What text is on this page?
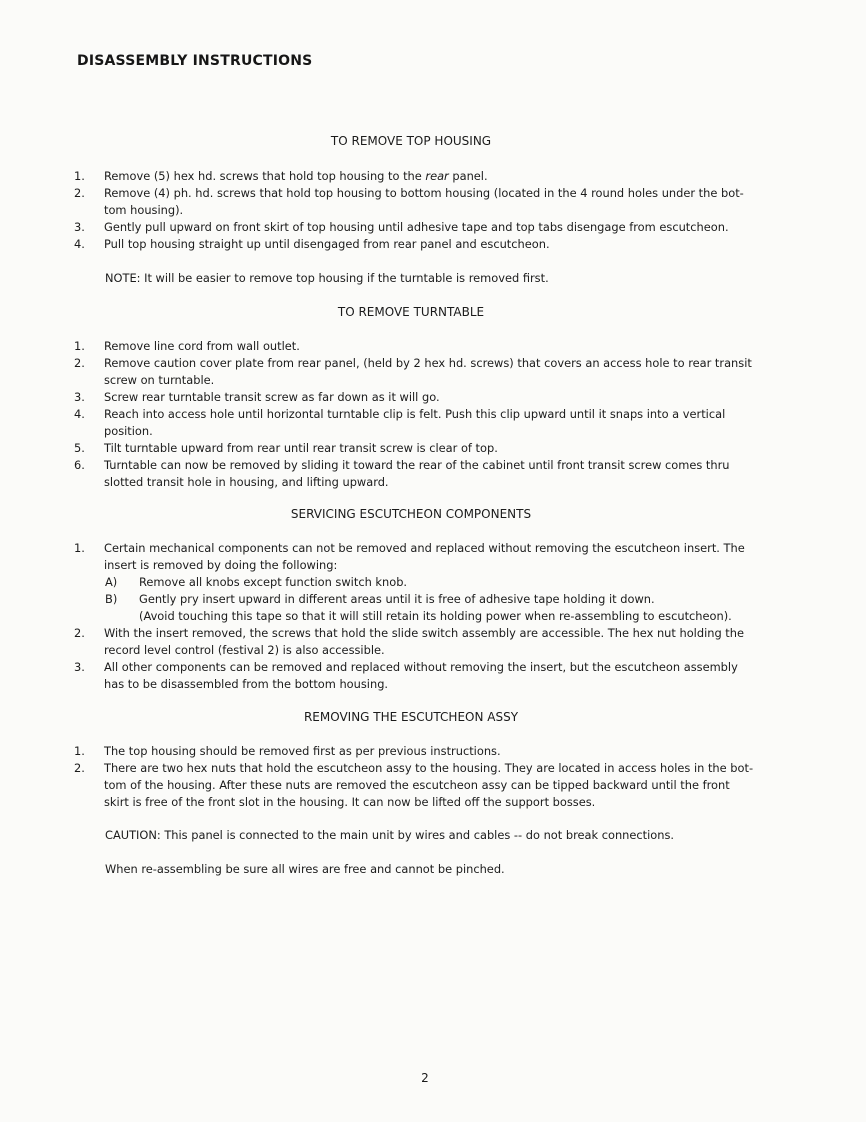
DISASSEMBLY INSTRUCTIONS
TO REMOVE TOP HOUSING
1. Remove (5) hex hd. screws that hold top housing to the rear panel.
2. Remove (4) ph. hd. screws that hold top housing to bottom housing (located in the 4 round holes under the bot-tom housing).
3. Gently pull upward on front skirt of top housing until adhesive tape and top tabs disengage from escutcheon.
4. Pull top housing straight up until disengaged from rear panel and escutcheon.
NOTE: It will be easier to remove top housing if the turntable is removed first.
TO REMOVE TURNTABLE
1. Remove line cord from wall outlet.
2. Remove caution cover plate from rear panel, (held by 2 hex hd. screws) that covers an access hole to rear transit screw on turntable.
3. Screw rear turntable transit screw as far down as it will go.
4. Reach into access hole until horizontal turntable clip is felt. Push this clip upward until it snaps into a vertical position.
5. Tilt turntable upward from rear until rear transit screw is clear of top.
6. Turntable can now be removed by sliding it toward the rear of the cabinet until front transit screw comes thru slotted transit hole in housing, and lifting upward.
SERVICING ESCUTCHEON COMPONENTS
1. Certain mechanical components can not be removed and replaced without removing the escutcheon insert. The insert is removed by doing the following:
A) Remove all knobs except function switch knob.
B) Gently pry insert upward in different areas until it is free of adhesive tape holding it down.
(Avoid touching this tape so that it will still retain its holding power when re-assembling to escutcheon).
2. With the insert removed, the screws that hold the slide switch assembly are accessible. The hex nut holding the record level control (festival 2) is also accessible.
3. All other components can be removed and replaced without removing the insert, but the escutcheon assembly has to be disassembled from the bottom housing.
REMOVING THE ESCUTCHEON ASSY
1. The top housing should be removed first as per previous instructions.
2. There are two hex nuts that hold the escutcheon assy to the housing. They are located in access holes in the bot-tom of the housing. After these nuts are removed the escutcheon assy can be tipped backward until the front skirt is free of the front slot in the housing. It can now be lifted off the support bosses.
CAUTION: This panel is connected to the main unit by wires and cables -- do not break connections.
When re-assembling be sure all wires are free and cannot be pinched.
2
